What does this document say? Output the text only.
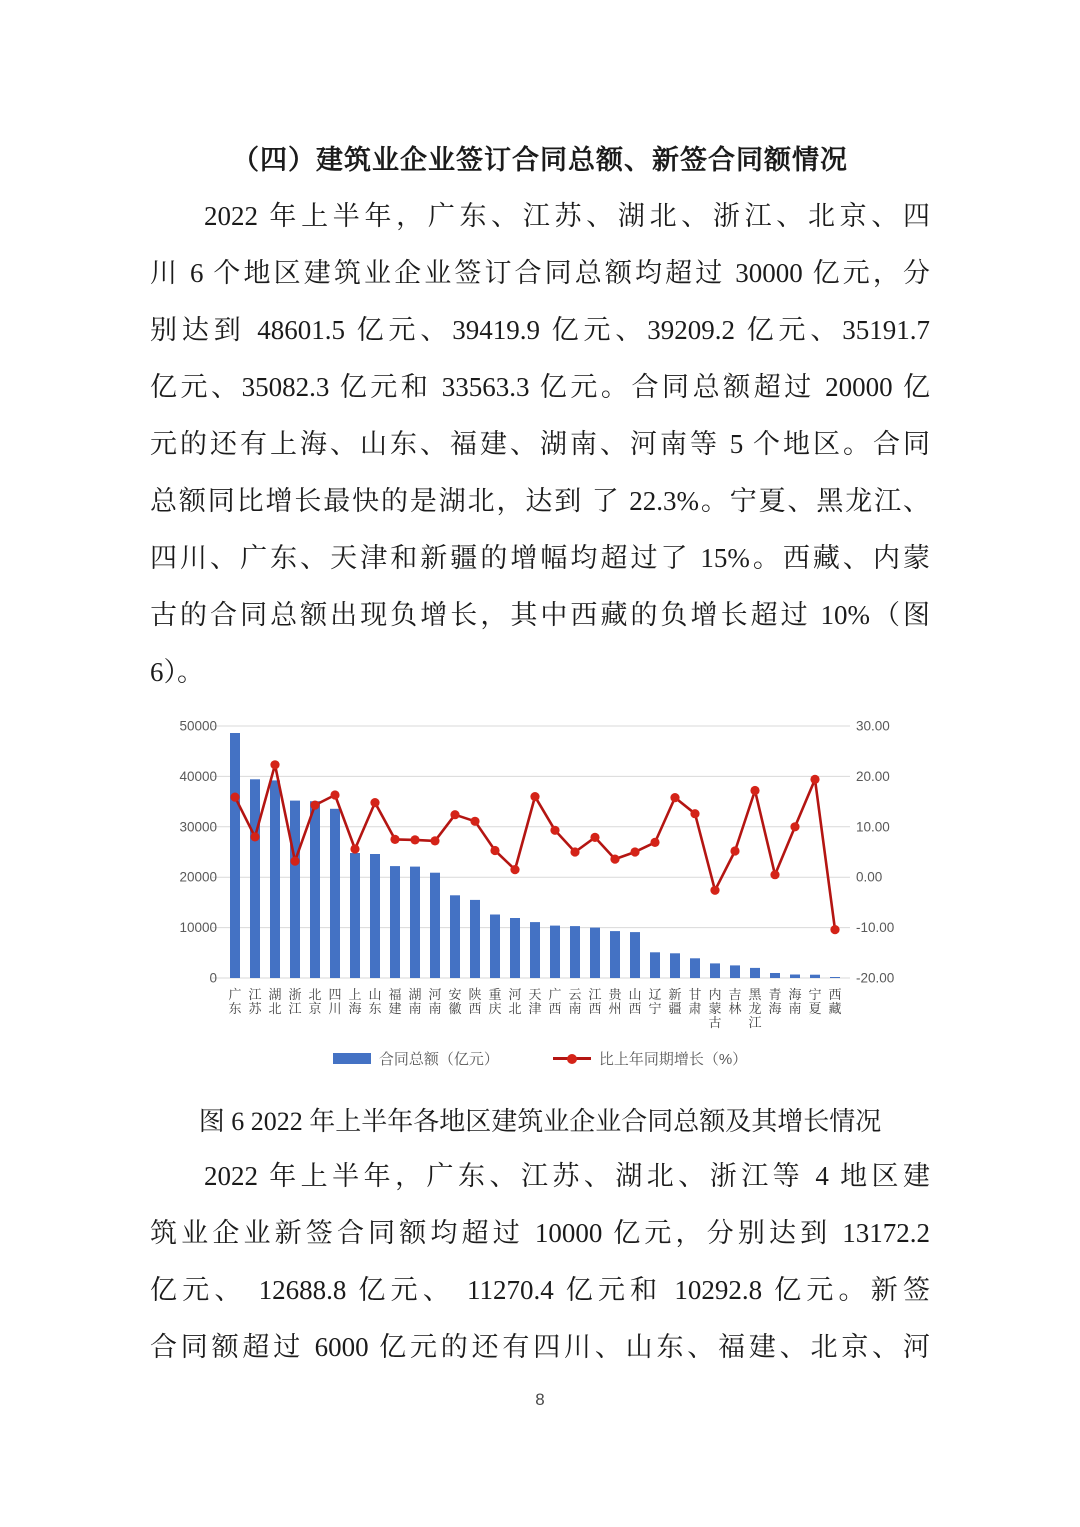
（四）建筑业企业签订合同总额、新签合同额情况
2022 年上半年，广东、江苏、湖北、浙江、北京、四
川 6 个地区建筑业企业签订合同总额均超过 30000 亿元，分
别达到 48601.5 亿元、39419.9 亿元、39209.2 亿元、35191.7
亿元、35082.3 亿元和 33563.3 亿元。合同总额超过 20000 亿
元的还有上海、山东、福建、湖南、河南等 5 个地区。合同
总额同比增长最快的是湖北，达到 了 22.3%。宁夏、黑龙江、
四川、广东、天津和新疆的增幅均超过了 15%。西藏、内蒙
古的合同总额出现负增长，其中西藏的负增长超过 10%（图
6）。
0
10000
20000
30000
40000
50000
-20.00
-10.00
0.00
10.00
20.00
30.00
广
东
江
苏
湖
北
浙
江
北
京
四
川
上
海
山
东
福
建
湖
南
河
南
安
徽
陕
西
重
庆
河
北
天
津
广
西
云
南
江
西
贵
州
山
西
辽
宁
新
疆
甘
肃
内
蒙
古
吉
林
黑
龙
江
青
海
海
南
宁
夏
西
藏
合同总额（亿元）	比上年同期增长（%）
图 6 2022 年上半年各地区建筑业企业合同总额及其增长情况
2022 年上半年，广东、江苏、湖北、浙江等 4 地区建
筑业企业新签合同额均超过 10000 亿元，分别达到 13172.2
亿元、 12688.8 亿元、 11270.4 亿元和 10292.8 亿元。新签
合同额超过 6000 亿元的还有四川、山东、福建、北京、河
8
